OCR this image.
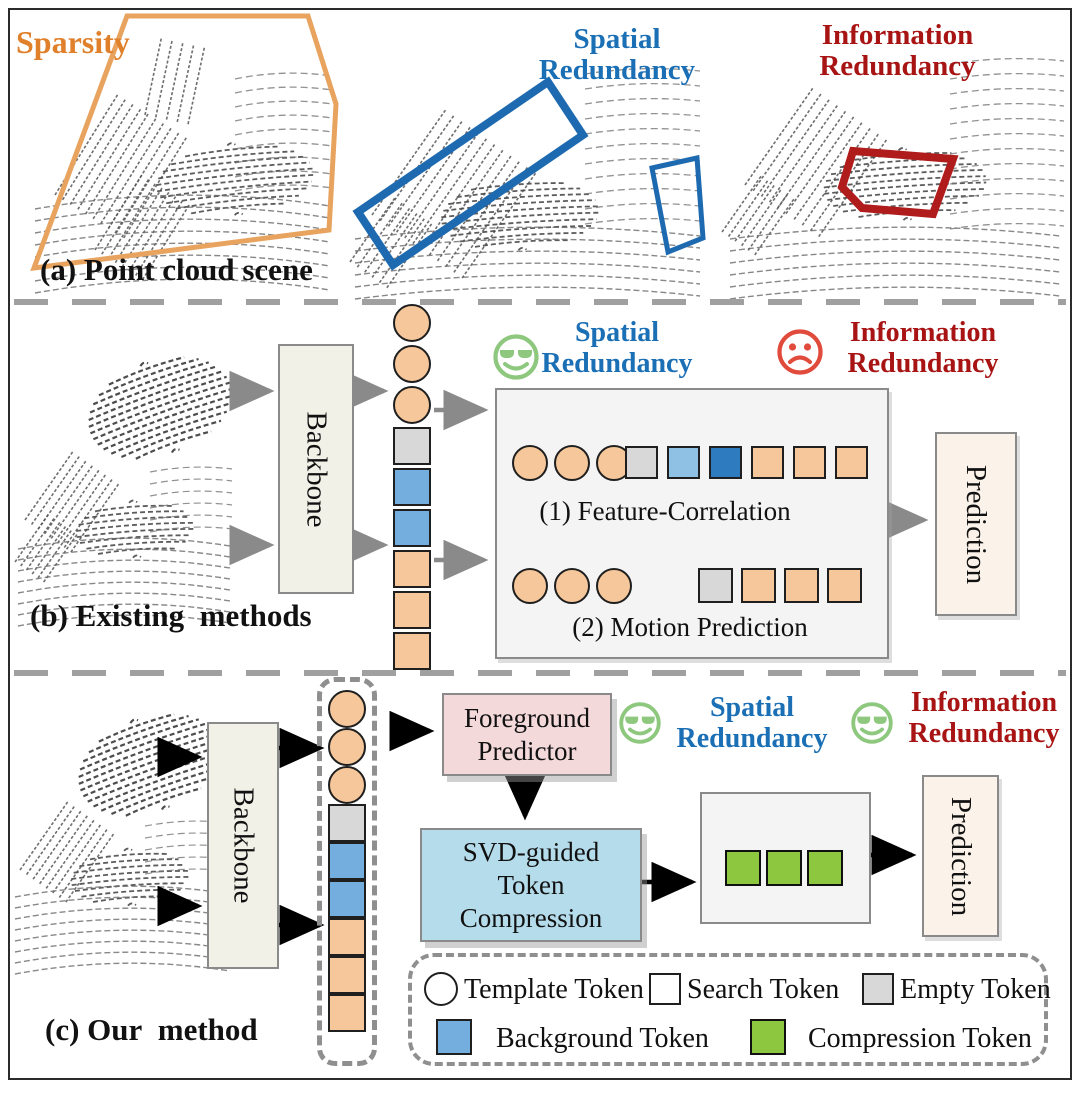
Sparsity	Spatial
Redundancy
Information
Redundancy
(a) Point cloud scene
Backbone
Spatial
Redundancy
Information
Redundancy
(1) Feature-Correlation
(2) Motion Prediction
Prediction
(b) Existing  methods
Backbone
Foreground
Predictor
Spatial
Redundancy
Information
Redundancy
SVD-guided
Token
Compression
Prediction
(c) Our  method
Template Token Search Token Empty Token
Background Token	Compression Token
